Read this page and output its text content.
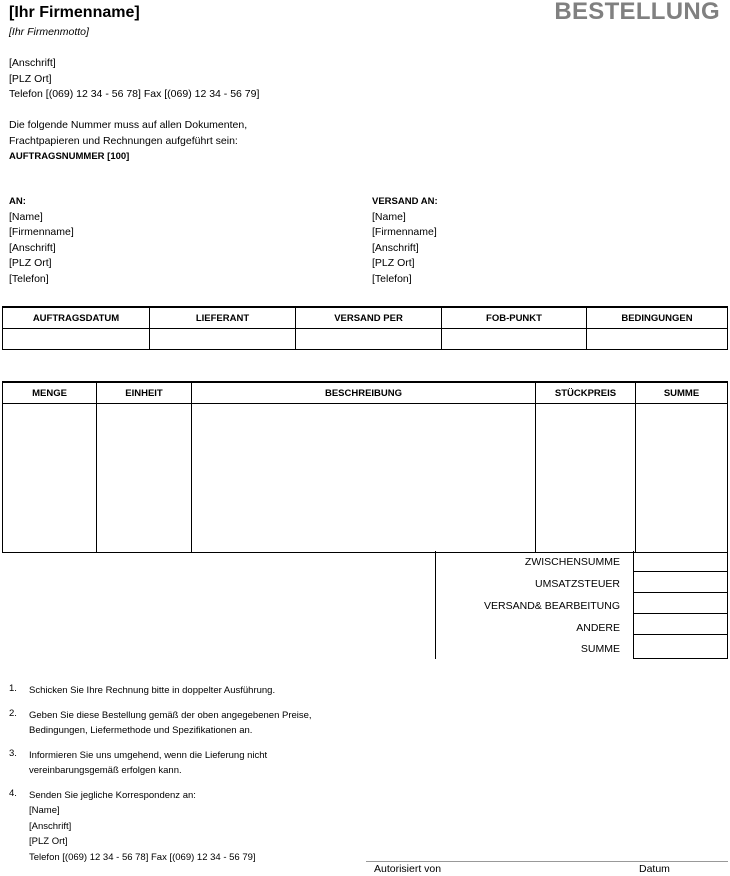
[Ihr Firmenname]
[Ihr Firmenmotto]
BESTELLUNG
[Anschrift]
[PLZ Ort]
Telefon [(069) 12 34 - 56 78] Fax [(069) 12 34 - 56 79]
Die folgende Nummer muss auf allen Dokumenten,
Frachtpapieren und Rechnungen aufgeführt sein:
AUFTRAGSNUMMER [100]
AN:
[Name]
[Firmenname]
[Anschrift]
[PLZ Ort]
[Telefon]
VERSAND AN:
[Name]
[Firmenname]
[Anschrift]
[PLZ Ort]
[Telefon]
AUFTRAGSDATUM	LIEFERANT	VERSAND PER	FOB-PUNKT	BEDINGUNGEN

MENGE	EINHEIT	BESCHREIBUNG	STÜCKPREIS	SUMME

ZWISCHENSUMME
UMSATZSTEUER
VERSAND& BEARBEITUNG
ANDERE
SUMME
1.	Schicken Sie Ihre Rechnung bitte in doppelter Ausführung.
2.	Geben Sie diese Bestellung gemäß der oben angegebenen Preise,
Bedingungen, Liefermethode und Spezifikationen an.
3.	Informieren Sie uns umgehend, wenn die Lieferung nicht
vereinbarungsgemäß erfolgen kann.
4.	Senden Sie jegliche Korrespondenz an:
[Name]
[Anschrift]
[PLZ Ort]
Telefon [(069) 12 34 - 56 78] Fax [(069) 12 34 - 56 79]
Autorisiert von	Datum
